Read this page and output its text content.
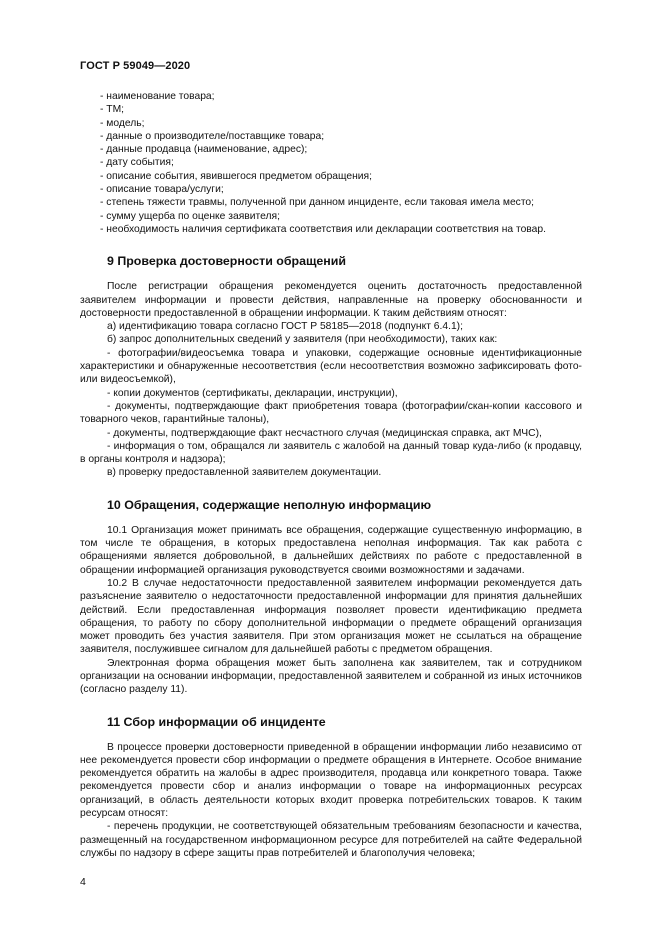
ГОСТ Р 59049—2020
- наименование товара;
- ТМ;
- модель;
- данные о производителе/поставщике товара;
- данные продавца (наименование, адрес);
- дату события;
- описание события, явившегося предметом обращения;
- описание товара/услуги;
- степень тяжести травмы, полученной при данном инциденте, если таковая имела место;
- сумму ущерба по оценке заявителя;
- необходимость наличия сертификата соответствия или декларации соответствия на товар.
9 Проверка достоверности обращений

После регистрации обращения рекомендуется оценить достаточность предоставленной заявителем информации и провести действия, направленные на проверку обоснованности и достоверности предоставленной в обращении информации. К таким действиям относят:

а) идентификацию товара согласно ГОСТ Р 58185—2018 (подпункт 6.4.1);

б) запрос дополнительных сведений у заявителя (при необходимости), таких как:

- фотографии/видеосъемка товара и упаковки, содержащие основные идентификационные характеристики и обнаруженные несоответствия (если несоответствия возможно зафиксировать фото- или видеосъемкой),

- копии документов (сертификаты, декларации, инструкции),

- документы, подтверждающие факт приобретения товара (фотографии/скан-копии кассового и товарного чеков, гарантийные талоны),

- документы, подтверждающие факт несчастного случая (медицинская справка, акт МЧС),

- информация о том, обращался ли заявитель с жалобой на данный товар куда-либо (к продавцу, в органы контроля и надзора);

в) проверку предоставленной заявителем документации.

10 Обращения, содержащие неполную информацию

10.1 Организация может принимать все обращения, содержащие существенную информацию, в том числе те обращения, в которых предоставлена неполная информация. Так как работа с обращениями является добровольной, в дальнейших действиях по работе с предоставленной в обращении информацией организация руководствуется своими возможностями и задачами.

10.2 В случае недостаточности предоставленной заявителем информации рекомендуется дать разъяснение заявителю о недостаточности предоставленной информации для принятия дальнейших действий. Если предоставленная информация позволяет провести идентификацию предмета обращения, то работу по сбору дополнительной информации о предмете обращений организация может проводить без участия заявителя. При этом организация может не ссылаться на обращение заявителя, послужившее сигналом для дальнейшей работы с предметом обращения.

Электронная форма обращения может быть заполнена как заявителем, так и сотрудником организации на основании информации, предоставленной заявителем и собранной из иных источников (согласно разделу 11).

11 Сбор информации об инциденте

В процессе проверки достоверности приведенной в обращении информации либо независимо от нее рекомендуется провести сбор информации о предмете обращения в Интернете. Особое внимание рекомендуется обратить на жалобы в адрес производителя, продавца или конкретного товара. Также рекомендуется провести сбор и анализ информации о товаре на информационных ресурсах организаций, в область деятельности которых входит проверка потребительских товаров. К таким ресурсам относят:

- перечень продукции, не соответствующей обязательным требованиям безопасности и качества, размещенный на государственном информационном ресурсе для потребителей на сайте Федеральной службы по надзору в сфере защиты прав потребителей и благополучия человека;

4
